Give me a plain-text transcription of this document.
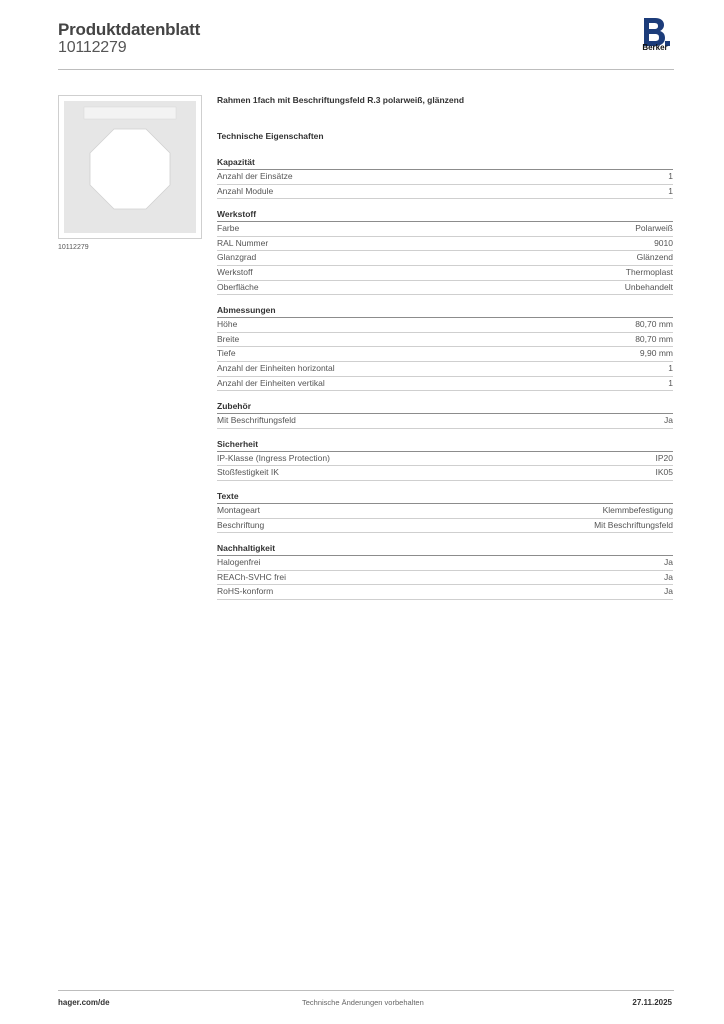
Produktdatenblatt
10112279	Berker
10112279
Rahmen 1fach mit Beschriftungsfeld R.3 polarweiß, glänzend
Technische Eigenschaften
Kapazität
Anzahl der Einsätze	1
Anzahl Module	1
Werkstoff
Farbe	Polarweiß
RAL Nummer	9010
Glanzgrad	Glänzend
Werkstoff	Thermoplast
Oberfläche	Unbehandelt
Abmessungen
Höhe	80,70 mm
Breite	80,70 mm
Tiefe	9,90 mm
Anzahl der Einheiten horizontal	1
Anzahl der Einheiten vertikal	1
Zubehör
Mit Beschriftungsfeld	Ja
Sicherheit
IP-Klasse (Ingress Protection)	IP20
Stoßfestigkeit IK	IK05
Texte
Montageart	Klemmbefestigung
Beschriftung	Mit Beschriftungsfeld
Nachhaltigkeit
Halogenfrei	Ja
REACh-SVHC frei	Ja
RoHS-konform	Ja
hager.com/de	Technische Änderungen vorbehalten	27.11.2025
